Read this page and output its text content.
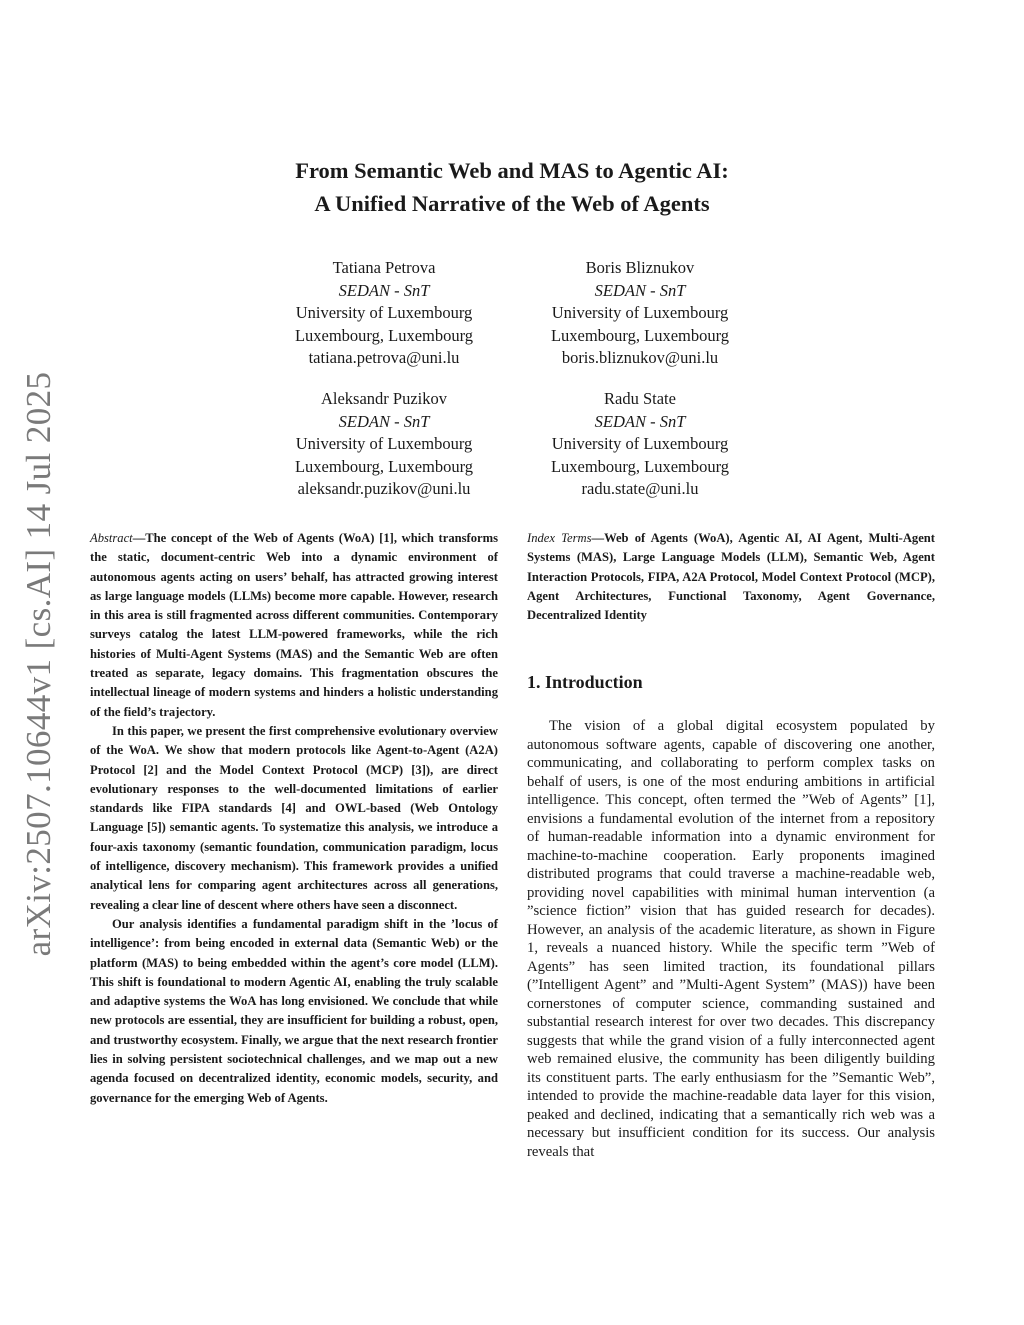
arXiv:2507.10644v1 [cs.AI] 14 Jul 2025
From Semantic Web and MAS to Agentic AI:
A Unified Narrative of the Web of Agents
Tatiana Petrova
SEDAN - SnT
University of Luxembourg
Luxembourg, Luxembourg
tatiana.petrova@uni.lu
Boris Bliznukov
SEDAN - SnT
University of Luxembourg
Luxembourg, Luxembourg
boris.bliznukov@uni.lu
Aleksandr Puzikov
SEDAN - SnT
University of Luxembourg
Luxembourg, Luxembourg
aleksandr.puzikov@uni.lu
Radu State
SEDAN - SnT
University of Luxembourg
Luxembourg, Luxembourg
radu.state@uni.lu

Abstract—The concept of the Web of Agents (WoA) [1], which transforms the static, document-centric Web into a dynamic environment of autonomous agents acting on users’ behalf, has attracted growing interest as large language models (LLMs) become more capable. However, research in this area is still fragmented across different communities. Contemporary surveys catalog the latest LLM-powered frameworks, while the rich histories of Multi-Agent Systems (MAS) and the Semantic Web are often treated as separate, legacy domains. This fragmentation obscures the intellectual lineage of modern systems and hinders a holistic understanding of the field’s trajectory.

In this paper, we present the first comprehensive evolutionary overview of the WoA. We show that modern protocols like Agent-to-Agent (A2A) Protocol [2] and the Model Context Protocol (MCP) [3]), are direct evolutionary responses to the well-documented limitations of earlier standards like FIPA standards [4] and OWL-based (Web Ontology Language [5]) semantic agents. To systematize this analysis, we introduce a four-axis taxonomy (semantic foundation, communication paradigm, locus of intelligence, discovery mechanism). This framework provides a unified analytical lens for comparing agent architectures across all generations, revealing a clear line of descent where others have seen a disconnect.

Our analysis identifies a fundamental paradigm shift in the ’locus of intelligence’: from being encoded in external data (Semantic Web) or the platform (MAS) to being embedded within the agent’s core model (LLM). This shift is foundational to modern Agentic AI, enabling the truly scalable and adaptive systems the WoA has long envisioned. We conclude that while new protocols are essential, they are insufficient for building a robust, open, and trustworthy ecosystem. Finally, we argue that the next research frontier lies in solving persistent sociotechnical challenges, and we map out a new agenda focused on decentralized identity, economic models, security, and governance for the emerging Web of Agents.

Index Terms—Web of Agents (WoA), Agentic AI, AI Agent, Multi-Agent Systems (MAS), Large Language Models (LLM), Semantic Web, Agent Interaction Protocols, FIPA, A2A Protocol, Model Context Protocol (MCP), Agent Architectures, Functional Taxonomy, Agent Governance, Decentralized Identity
1. Introduction

The vision of a global digital ecosystem populated by autonomous software agents, capable of discovering one another, communicating, and collaborating to perform complex tasks on behalf of users, is one of the most enduring ambitions in artificial intelligence. This concept, often termed the ”Web of Agents” [1], envisions a fundamental evolution of the internet from a repository of human-readable information into a dynamic environment for machine-to-machine cooperation. Early proponents imagined distributed programs that could traverse a machine-readable web, providing novel capabilities with minimal human intervention (a ”science fiction” vision that has guided research for decades). However, an analysis of the academic literature, as shown in Figure 1, reveals a nuanced history. While the specific term ”Web of Agents” has seen limited traction, its foundational pillars (”Intelligent Agent” and ”Multi-Agent System” (MAS)) have been cornerstones of computer science, commanding sustained and substantial research interest for over two decades. This discrepancy suggests that while the grand vision of a fully interconnected agent web remained elusive, the community has been diligently building its constituent parts. The early enthusiasm for the ”Semantic Web”, intended to provide the machine-readable data layer for this vision, peaked and declined, indicating that a semantically rich web was a necessary but insufficient condition for its success. Our analysis reveals that
